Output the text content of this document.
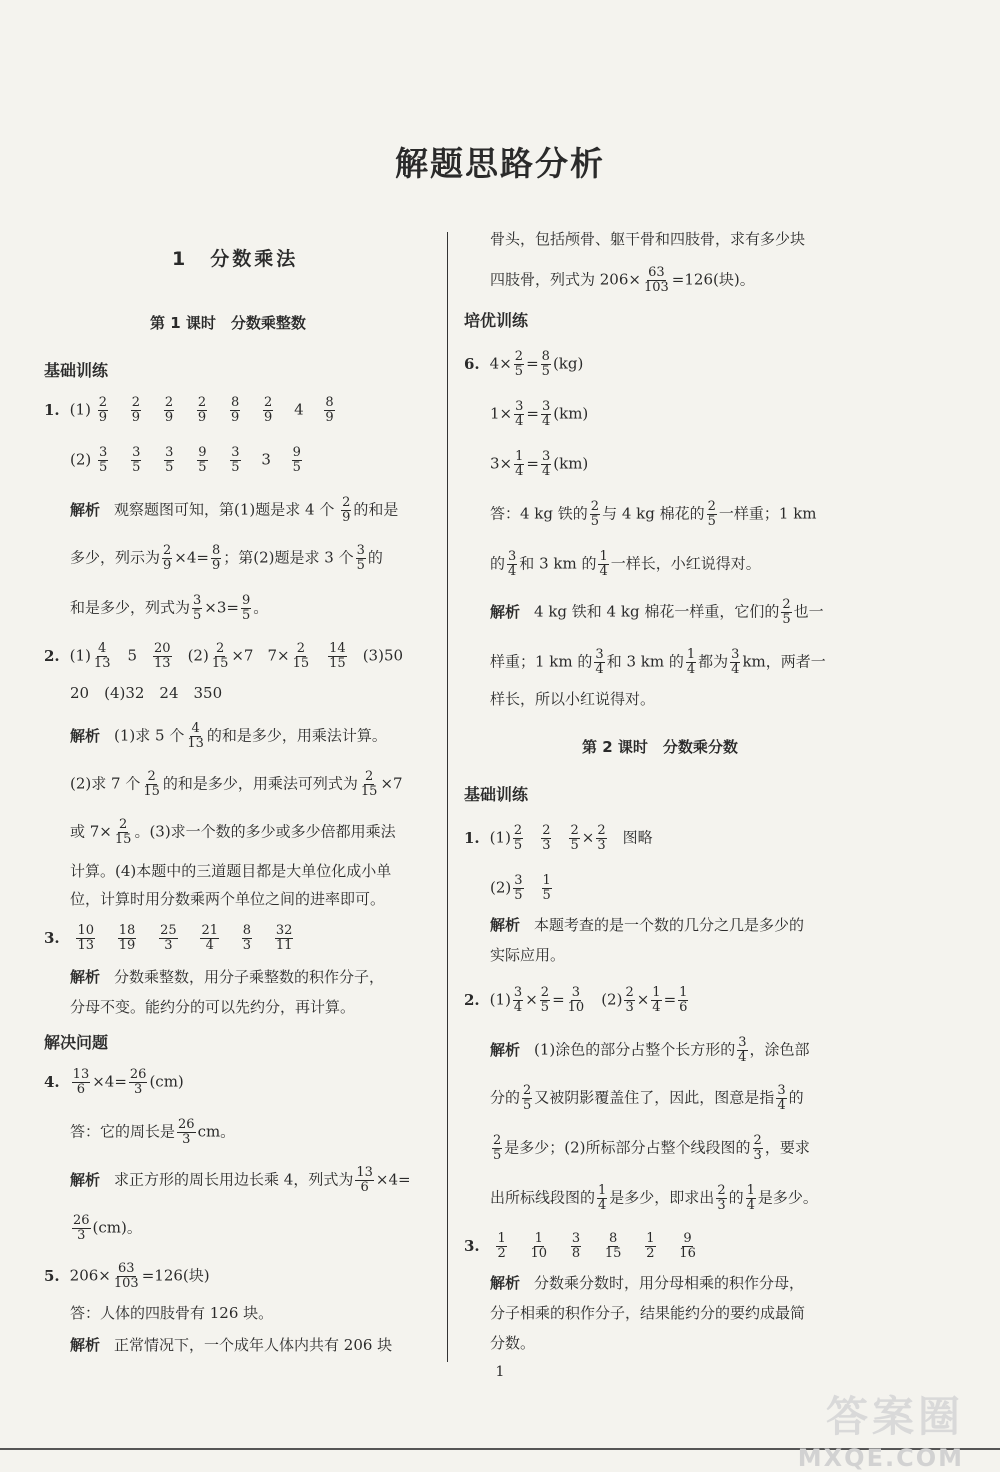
解题思路分析
1　分数乘法
第 1 课时　分数乘整数
基础训练
1. $(1) \frac{2}{9}$
$\frac{2}{9}$
$\frac{2}{9}$
$\frac{2}{9}$
$\frac{8}{9}$
$\frac{2}{9} 4 \frac{8}{9}$
$(2) \frac{3}{5}$
$\frac{3}{5}$
$\frac{3}{5}$
$\frac{9}{5}$
$\frac{3}{5} 3 \frac{9}{5}$
解析 观察题图可知，第(1)题是求 4 个 $\frac{2}{9}$ 的和是
多少，列示为 $\frac{2}{9} \times 4= \frac{8}{9}$ ；第(2)题是求 3 个 $\frac{3}{5}$ 的
和是多少，列式为 $\frac{3}{5} \times 3= \frac{9}{5}$ 。
2. $(1) \frac{4}{13} 5 \frac{20}{13} (2) \frac{2}{15} \times 7$ $7\times \frac{2}{15} \frac{14}{15} (3)50$
20　(4)32　24　350
解析 (1)求 5 个 $\frac{4}{13}$ 的和是多少，用乘法计算。
(2)求 7 个 $\frac{2}{15}$ 的和是多少，用乘法可列式为 $\frac{2}{15} \times 7$
或 $7\times \frac{2}{15}$ 。(3)求一个数的多少或多少倍都用乘法
计算。(4)本题中的三道题目都是大单位化成小单
位，计算时用分数乘两个单位之间的进率即可。
3. $\frac{10}{13}$
$\frac{18}{19}$
$\frac{25}{3}$
$\frac{21}{4}$
$\frac{8}{3}$
$\frac{32}{11}$
解析 分数乘整数，用分子乘整数的积作分子，
分母不变。能约分的可以先约分，再计算。
解决问题
4. $\frac{13}{6} \times 4= \frac{26}{3} (cm)$
答：它的周长是 $\frac{26}{3}$ cm。
解析 求正方形的周长用边长乘 4，列式为 $\frac{13}{6} \times 4=$
$\frac{26}{3} (cm)$。
5. $206\times \frac{63}{103} =126$(块)
答：人体的四肢骨有 126 块。
解析 正常情况下，一个成年人体内共有 206 块
骨头，包括颅骨、躯干骨和四肢骨，求有多少块
四肢骨，列式为 $206\times \frac{63}{103} =126$(块)。
培优训练
6. $4\times \frac{2}{5} = \frac{8}{5} (kg)$
$1\times \frac{3}{4} = \frac{3}{4} (km)$
$3\times \frac{1}{4} = \frac{3}{4} (km)$
答：4 kg 铁的 $\frac{2}{5}$ 与 4 kg 棉花的 $\frac{2}{5}$ 一样重；1 km
的 $\frac{3}{4}$ 和 3 km 的 $\frac{1}{4}$ 一样长，小红说得对。
解析 4 kg 铁和 4 kg 棉花一样重，它们的 $\frac{2}{5}$ 也一
样重；1 km 的 $\frac{3}{4}$ 和 3 km 的 $\frac{1}{4}$ 都为 $\frac{3}{4}$ km，两者一
样长，所以小红说得对。
第 2 课时　分数乘分数
基础训练
1. $(1) \frac{2}{5} \frac{2}{3} \frac{2}{5} \times \frac{2}{3}$ 图略
$(2) \frac{3}{5} \frac{1}{5}$
解析 本题考查的是一个数的几分之几是多少的
实际应用。
2. $(1) \frac{3}{4} \times \frac{2}{5} = \frac{3}{10} (2) \frac{2}{3} \times \frac{1}{4} = \frac{1}{6}$
解析 (1)涂色的部分占整个长方形的 $\frac{3}{4}$ ，涂色部
分的 $\frac{2}{5}$ 又被阴影覆盖住了，因此，图意是指 $\frac{3}{4}$ 的
$\frac{2}{5}$ 是多少；(2)所标部分占整个线段图的 $\frac{2}{3}$ ，要求
出所标线段图的 $\frac{1}{4}$ 是多少，即求出 $\frac{2}{3}$ 的 $\frac{1}{4}$ 是多少。
3. $\frac{1}{2}$
$\frac{1}{10}$
$\frac{3}{8}$
$\frac{8}{15}$
$\frac{1}{2}$
$\frac{9}{16}$
解析 分数乘分数时，用分母相乘的积作分母，
分子相乘的积作分子，结果能约分的要约成最简
分数。
1
答案圈
MXQE.COM
